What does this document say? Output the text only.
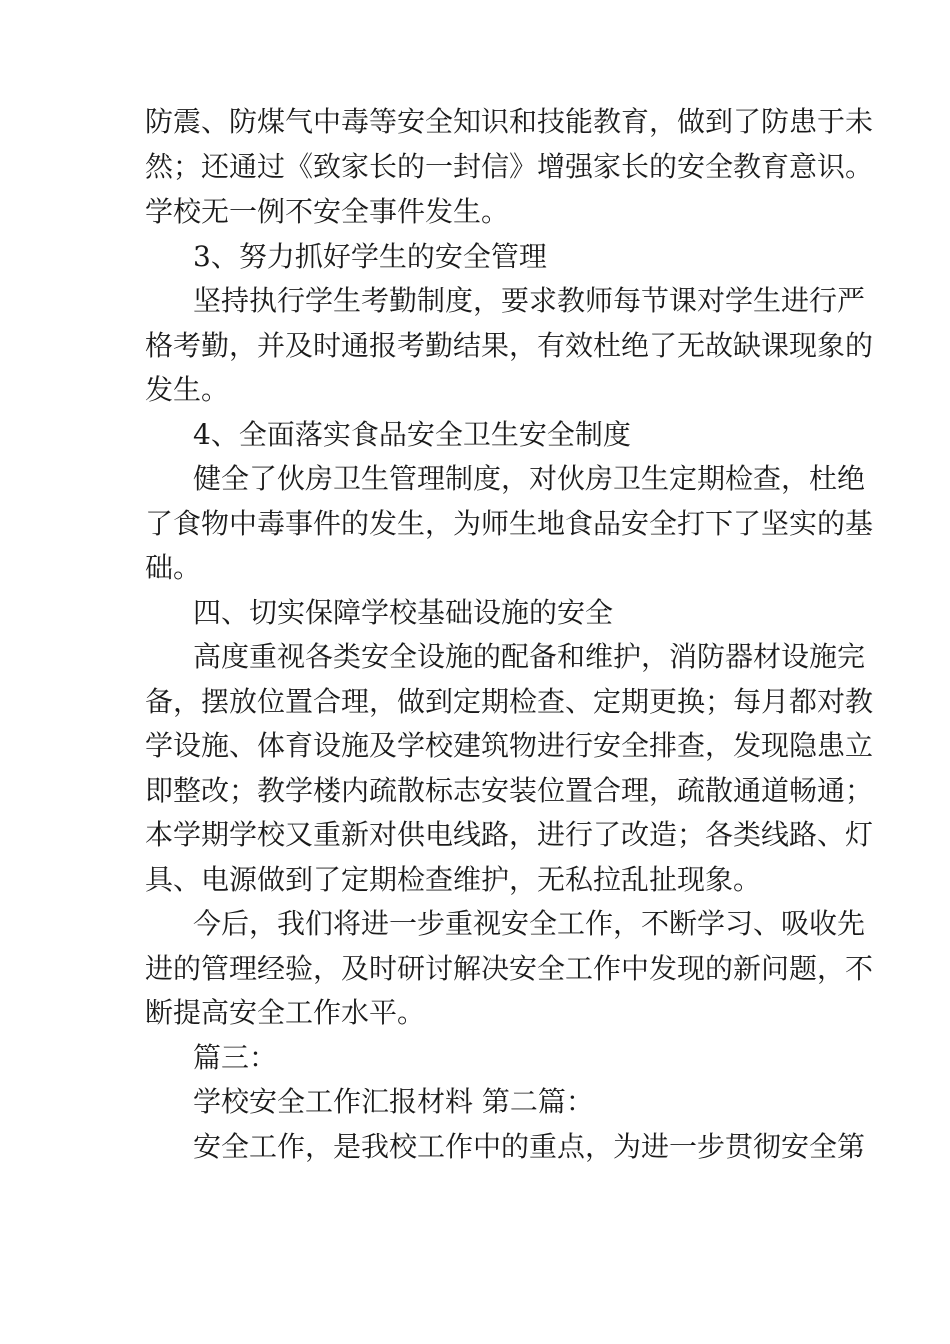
防震、防煤气中毒等安全知识和技能教育，做到了防患于未

然；还通过《致家长的一封信》增强家长的安全教育意识。

学校无一例不安全事件发生。

3、努力抓好学生的安全管理

坚持执行学生考勤制度，要求教师每节课对学生进行严

格考勤，并及时通报考勤结果，有效杜绝了无故缺课现象的

发生。

4、全面落实食品安全卫生安全制度

健全了伙房卫生管理制度，对伙房卫生定期检查，杜绝

了食物中毒事件的发生，为师生地食品安全打下了坚实的基

础。

四、切实保障学校基础设施的安全

高度重视各类安全设施的配备和维护，消防器材设施完

备，摆放位置合理，做到定期检查、定期更换；每月都对教

学设施、体育设施及学校建筑物进行安全排查，发现隐患立

即整改；教学楼内疏散标志安装位置合理，疏散通道畅通；

本学期学校又重新对供电线路，进行了改造；各类线路、灯

具、电源做到了定期检查维护，无私拉乱扯现象。

今后，我们将进一步重视安全工作，不断学习、吸收先

进的管理经验，及时研讨解决安全工作中发现的新问题，不

断提高安全工作水平。

篇三：

学校安全工作汇报材料 第二篇：

安全工作，是我校工作中的重点，为进一步贯彻安全第
